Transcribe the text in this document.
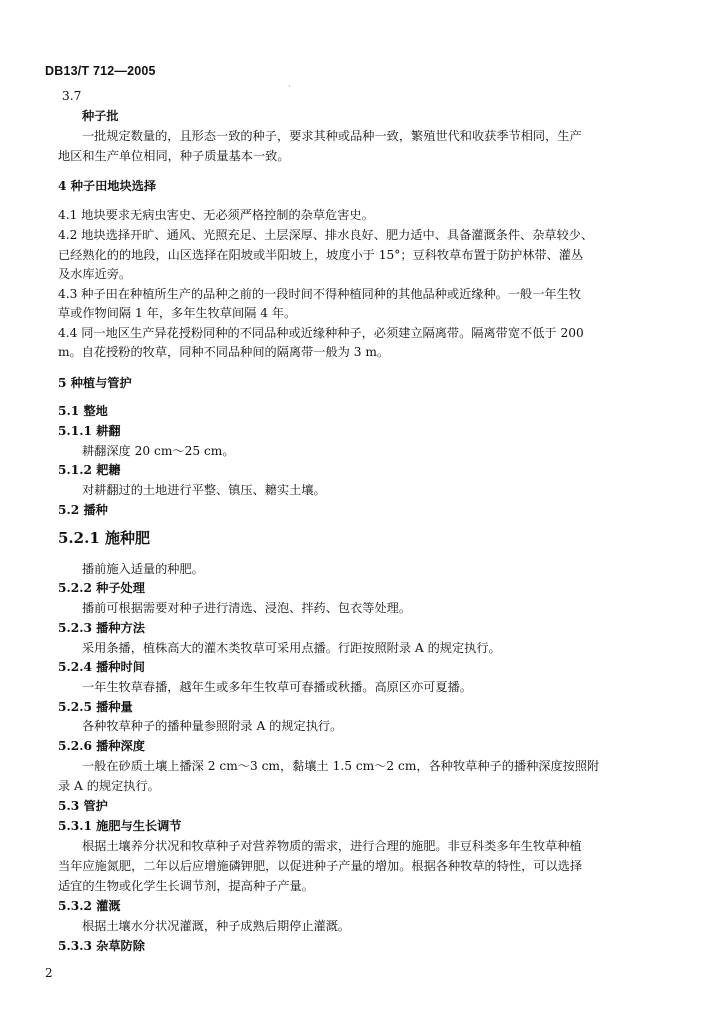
DB13/T 712—2005
·
3.7
种子批
一批规定数量的，且形态一致的种子，要求其种或品种一致，繁殖世代和收获季节相同，生产
地区和生产单位相同，种子质量基本一致。
4 种子田地块选择
4.1 地块要求无病虫害史、无必须严格控制的杂草危害史。
4.2 地块选择开旷、通风、光照充足、土层深厚、排水良好、肥力适中、具备灌溉条件、杂草较少、
已经熟化的的地段，山区选择在阳坡或半阳坡上，坡度小于 15°；豆科牧草布置于防护林带、灌丛
及水库近旁。
4.3 种子田在种植所生产的品种之前的一段时间不得种植同种的其他品种或近缘种。一般一年生牧
草或作物间隔 1 年，多年生牧草间隔 4 年。
4.4 同一地区生产异花授粉同种的不同品种或近缘种种子，必须建立隔离带。隔离带宽不低于 200
m。自花授粉的牧草，同种不同品种间的隔离带一般为 3 m。
5 种植与管护
5.1 整地
5.1.1 耕翻
耕翻深度 20 cm～25 cm。
5.1.2 耙耱
对耕翻过的土地进行平整、镇压、耱实土壤。
5.2 播种
5.2.1 施种肥
播前施入适量的种肥。
5.2.2 种子处理
播前可根据需要对种子进行清选、浸泡、拌药、包衣等处理。
5.2.3 播种方法
采用条播，植株高大的灌木类牧草可采用点播。行距按照附录 A 的规定执行。
5.2.4 播种时间
一年生牧草春播，越年生或多年生牧草可春播或秋播。高原区亦可夏播。
5.2.5 播种量
各种牧草种子的播种量参照附录 A 的规定执行。
5.2.6 播种深度
一般在砂质土壤上播深 2 cm～3 cm，黏壤土 1.5 cm～2 cm，各种牧草种子的播种深度按照附
录 A 的规定执行。
5.3 管护
5.3.1 施肥与生长调节
根据土壤养分状况和牧草种子对营养物质的需求，进行合理的施肥。非豆科类多年生牧草种植
当年应施氮肥，二年以后应增施磷钾肥，以促进种子产量的增加。根据各种牧草的特性，可以选择
适宜的生物或化学生长调节剂，提高种子产量。
5.3.2 灌溉
根据土壤水分状况灌溉，种子成熟后期停止灌溉。
5.3.3 杂草防除
2
